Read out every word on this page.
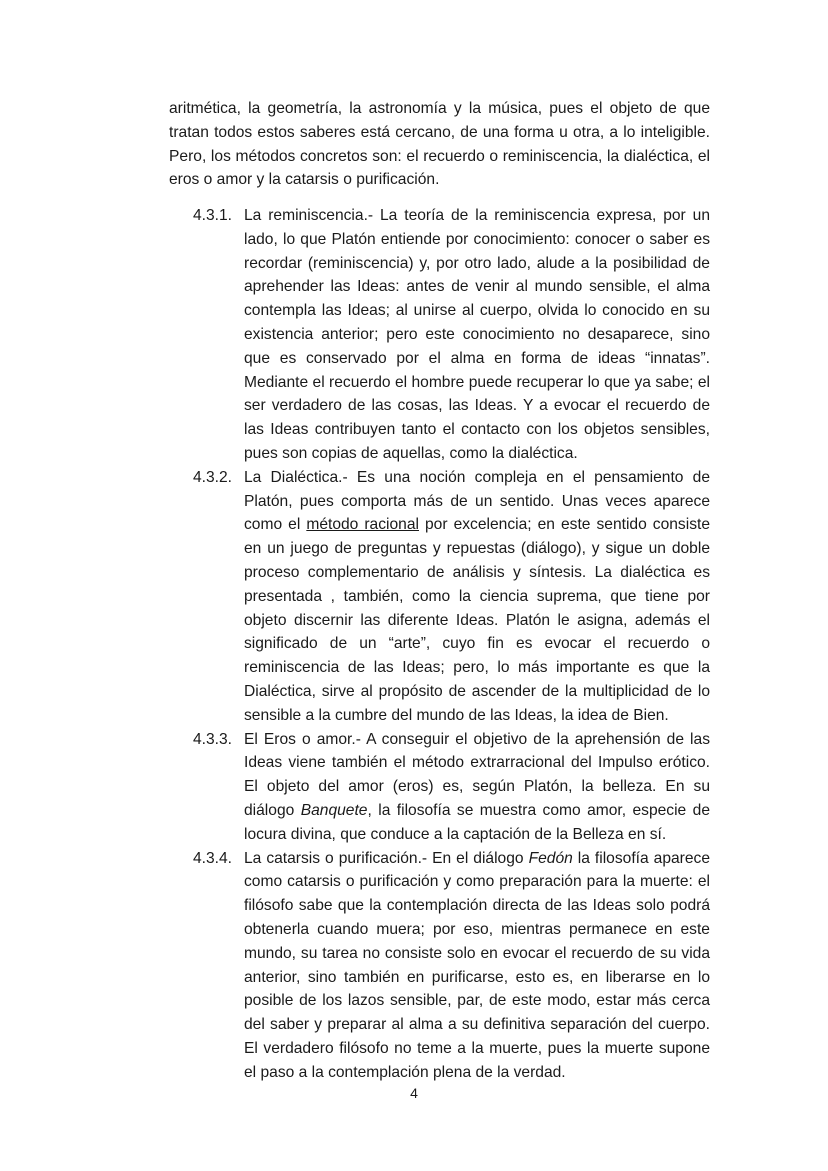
aritmética, la geometría, la astronomía y la música, pues el objeto de que tratan todos estos saberes está cercano, de una forma u otra, a lo inteligible. Pero, los métodos concretos son: el recuerdo o reminiscencia, la dialéctica, el eros o amor y la catarsis o purificación.

4.3.1. La reminiscencia.- La teoría de la reminiscencia expresa, por un lado, lo que Platón entiende por conocimiento: conocer o saber es recordar (reminiscencia) y, por otro lado, alude a la posibilidad de aprehender las Ideas: antes de venir al mundo sensible, el alma contempla las Ideas; al unirse al cuerpo, olvida lo conocido en su existencia anterior; pero este conocimiento no desaparece, sino que es conservado por el alma en forma de ideas “innatas”. Mediante el recuerdo el hombre puede recuperar lo que ya sabe; el ser verdadero de las cosas, las Ideas. Y a evocar el recuerdo de las Ideas contribuyen tanto el contacto con los objetos sensibles, pues son copias de aquellas, como la dialéctica.
4.3.2. La Dialéctica.- Es una noción compleja en el pensamiento de Platón, pues comporta más de un sentido. Unas veces aparece como el método racional por excelencia; en este sentido consiste en un juego de preguntas y repuestas (diálogo), y sigue un doble proceso complementario de análisis y síntesis. La dialéctica es presentada , también, como la ciencia suprema, que tiene por objeto discernir las diferente Ideas. Platón le asigna, además el significado de un “arte”, cuyo fin es evocar el recuerdo o reminiscencia de las Ideas; pero, lo más importante es que la Dialéctica, sirve al propósito de ascender de la multiplicidad de lo sensible a la cumbre del mundo de las Ideas, la idea de Bien.
4.3.3. El Eros o amor.- A conseguir el objetivo de la aprehensión de las Ideas viene también el método extrarracional del Impulso erótico. El objeto del amor (eros) es, según Platón, la belleza. En su diálogo Banquete, la filosofía se muestra como amor, especie de locura divina, que conduce a la captación de la Belleza en sí.
4.3.4. La catarsis o purificación.- En el diálogo Fedón la filosofía aparece como catarsis o purificación y como preparación para la muerte: el filósofo sabe que la contemplación directa de las Ideas solo podrá obtenerla cuando muera; por eso, mientras permanece en este mundo, su tarea no consiste solo en evocar el recuerdo de su vida anterior, sino también en purificarse, esto es, en liberarse en lo posible de los lazos sensible, par, de este modo, estar más cerca del saber y preparar al alma a su definitiva separación del cuerpo. El verdadero filósofo no teme a la muerte, pues la muerte supone el paso a la contemplación plena de la verdad.
4
